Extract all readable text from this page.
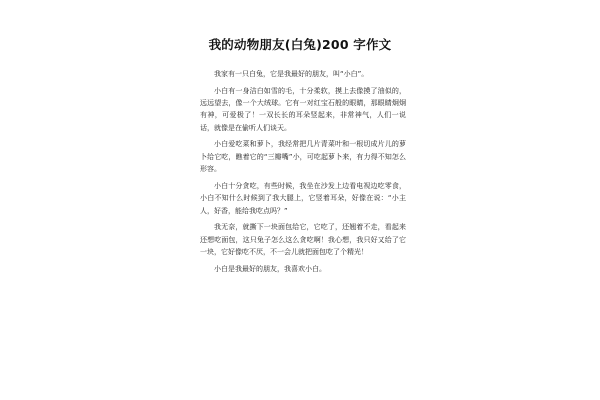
我的动物朋友(白兔)200 字作文

我家有一只白兔，它是我最好的朋友，叫“小白”。

小白有一身洁白如雪的毛，十分柔软，摸上去像摸了油似的，远远望去，像一个大绒球。它有一对红宝石般的眼睛，那眼睛炯炯有神，可爱极了！一双长长的耳朵竖起来，非常神气，人们一说话，就像是在偷听人们谈天。

小白爱吃菜和萝卜，我经常把几片青菜叶和一根切成片儿的萝卜给它吃，瞧着它的“三瓣嘴”小，可吃起萝卜来，有力得不知怎么形容。

小白十分贪吃，有些时候，我坐在沙发上边看电视边吃零食，小白不知什么时候到了我大腿上，它竖着耳朵，好像在说：“小主人，好香，能给我吃点吗？”

我无奈，就撕下一块面包给它，它吃了，还翘着不走，看起来还想吃面包，这只兔子怎么这么贪吃啊！我心想，我只好又给了它一块，它好像吃不厌，不一会儿就把面包吃了个精光！

小白是我最好的朋友，我喜欢小白。
